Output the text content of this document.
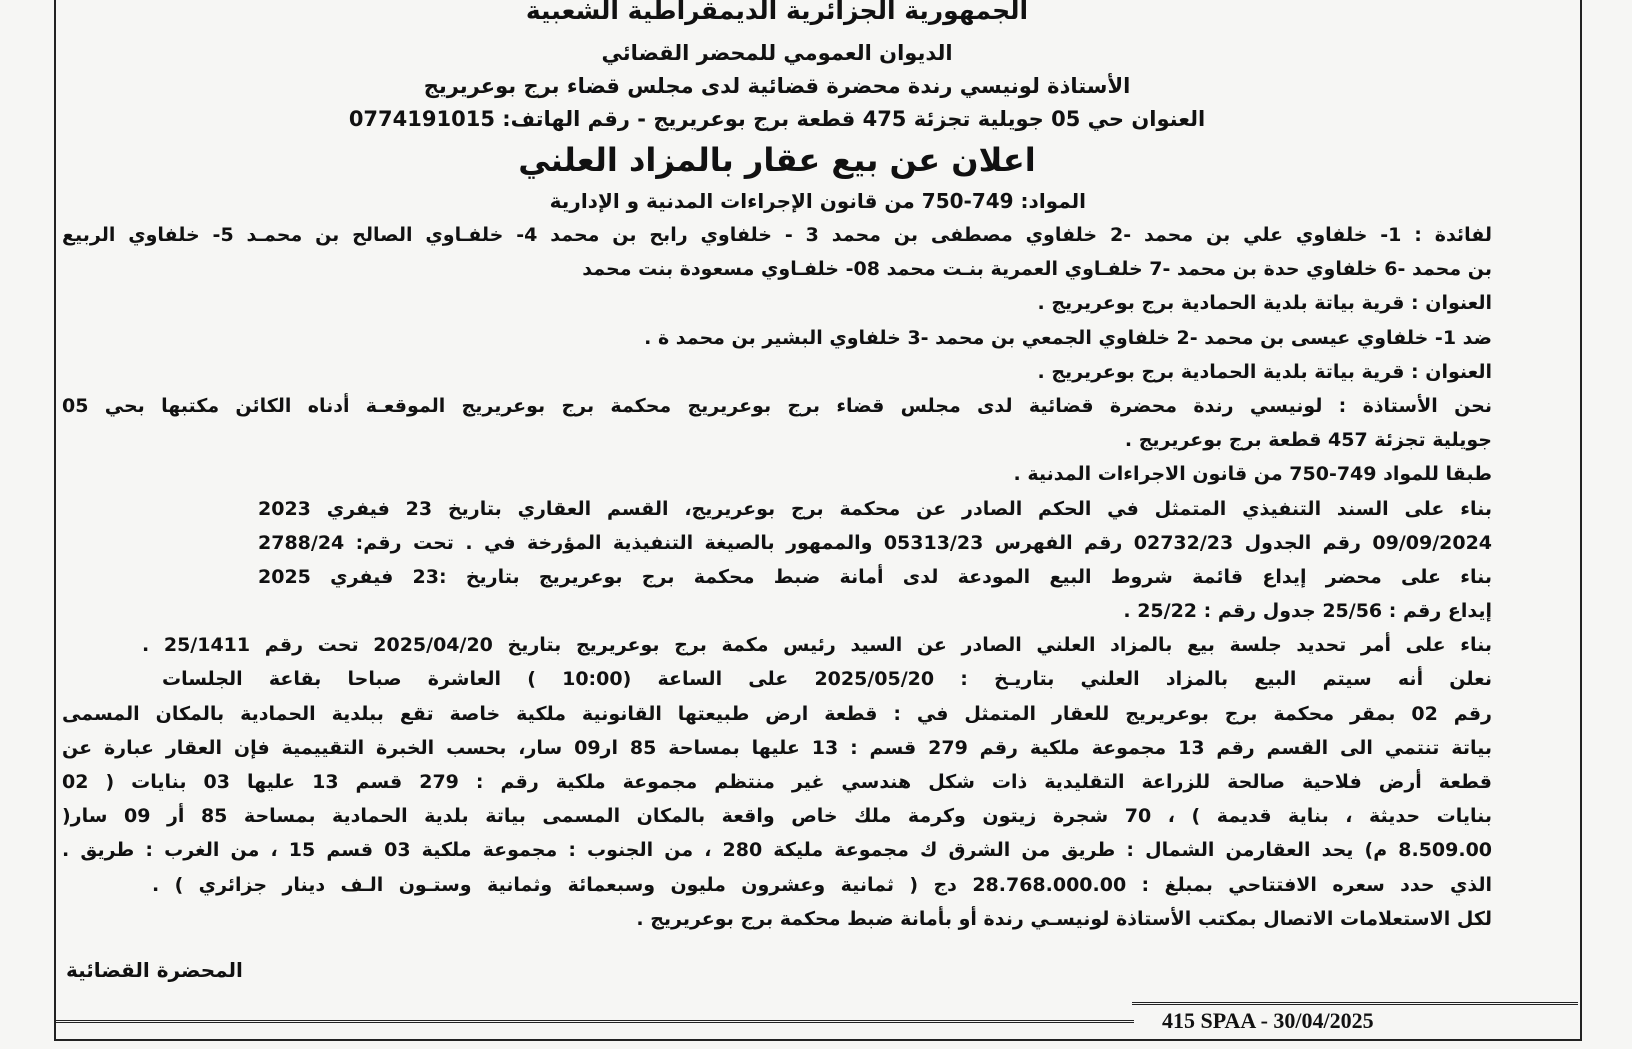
الجمهورية الجزائرية الديمقراطية الشعبية

الديوان العمومي للمحضر القضائي

الأستاذة لونيسي رندة محضرة قضائية لدى مجلس قضاء برج بوعريريج

العنوان حي 05 جويلية تجزئة 475 قطعة برج بوعريريج - رقم الهاتف: 0774191015

اعلان عن بيع عقار بالمزاد العلني

المواد: 749-750 من قانون الإجراءات المدنية و الإدارية
لفائدة : 1- خلفاوي علي بن محمد -2 خلفاوي مصطفى بن محمد 3 - خلفاوي رابح بن محمد 4- خلفـاوي الصالح بن محمـد 5- خلفاوي الربيع
بن محمد -6 خلفاوي حدة بن محمد -7 خلفـاوي العمرية بنـت محمد 08- خلفـاوي مسعودة بنت محمد
العنوان : قرية بياتة بلدية الحمادية برج بوعريريج .
ضد 1- خلفاوي عيسى بن محمد -2 خلفاوي الجمعي بن محمد -3 خلفاوي البشير بن محمد ة .
العنوان : قرية بياتة بلدية الحمادية برج بوعريريج .
نحن الأستاذة : لونيسي رندة محضرة قضائية لدى مجلس قضاء برج بوعريريج محكمة برج بوعريريج الموقعـة أدناه الكائن مكتبها بحي 05
جويلية تجزئة 457 قطعة برج بوعريريج .
طبقا للمواد 749-750 من قانون الاجراءات المدنية .
بناء على السند التنفيذي المتمثل في الحكم الصادر عن محكمة برج بوعريريج، القسم العقاري بتاريخ 23 فيفري 2023
09/09/2024 رقم الجدول 02732/23 رقم الفهرس 05313/23 والممهور بالصيغة التنفيذية المؤرخة في . تحت رقم: 2788/24
بناء على محضر إيداع قائمة شروط البيع المودعة لدى أمانة ضبط محكمة برج بوعريريج بتاريخ :23 فيفري 2025
إيداع رقم : 25/56 جدول رقم : 25/22 .
بناء على أمر تحديد جلسة بيع بالمزاد العلني الصادر عن السيد رئيس مكمة برج بوعريريج بتاريخ 2025/04/20 تحت رقم 25/1411 .
نعلن أنه سيتم البيع بالمزاد العلني بتاريـخ : 2025/05/20 على الساعة (10:00 ) العاشرة صباحا بقاعة الجلسات
رقم 02 بمقر محكمة برج بوعريريج للعقار المتمثل في : قطعة ارض طبيعتها القانونية ملكية خاصة تقع ببلدية الحمادية بالمكان المسمى
بياتة تنتمي الى القسم رقم 13 مجموعة ملكية رقم 279 قسم : 13 عليها بمساحة 85 ار09 سار، بحسب الخبرة التقييمية فإن العقار عبارة عن
قطعة أرض فلاحية صالحة للزراعة التقليدية ذات شكل هندسي غير منتظم مجموعة ملكية رقم : 279 قسم 13 عليها 03 بنايات ( 02
بنايات حديثة ، بناية قديمة ) ، 70 شجرة زيتون وكرمة ملك خاص واقعة بالمكان المسمى بياتة بلدية الحمادية بمساحة 85 أر 09 سار(
8.509.00 م) يحد العقارمن الشمال : طريق من الشرق ك مجموعة مليكة 280 ، من الجنوب : مجموعة ملكية 03 قسم 15 ، من الغرب : طريق .
الذي حدد سعره الافتتاحي بمبلغ : 28.768.000.00 دج ( ثمانية وعشرون مليون وسبعمائة وثمانية وستـون الـف دينار جزائري ) .
لكل الاستعلامات الاتصال بمكتب الأستاذة لونيسـي رندة أو بأمانة ضبط محكمة برج بوعريريج .
المحضرة القضائية
415 SPAA - 30/04/2025
